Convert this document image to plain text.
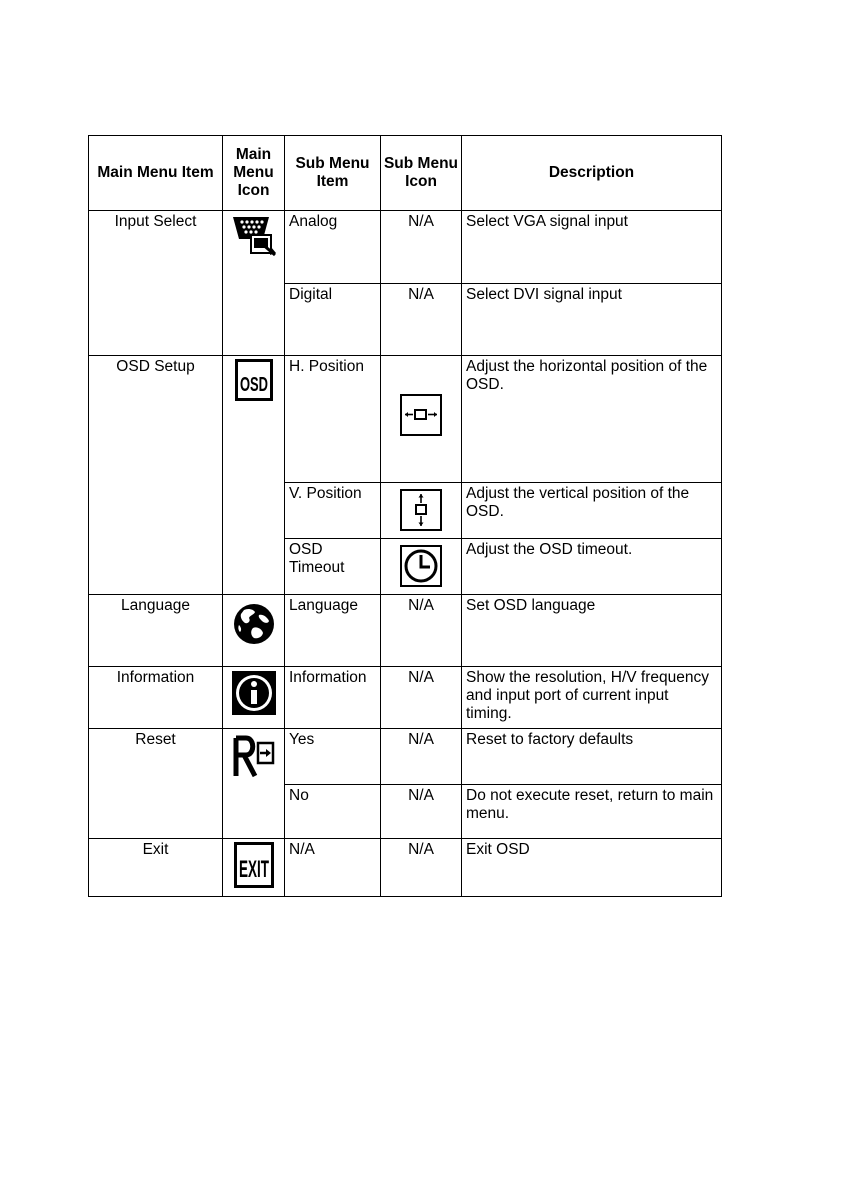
Main Menu Item	Main Menu Icon	Sub Menu Item	Sub Menu Icon	Description
Input Select		Analog	N/A	Select VGA signal input
		Digital	N/A	Select DVI signal input
OSD Setup	OSD	H. Position		Adjust the horizontal position of the OSD.
		V. Position		Adjust the vertical position of the OSD.
		OSD Timeout		Adjust the OSD timeout.
Language		Language	N/A	Set OSD language
Information		Information	N/A	Show the resolution, H/V frequency and input port of current input timing.
Reset		Yes	N/A	Reset to factory defaults
		No	N/A	Do not execute reset, return to main menu.
Exit	EXIT	N/A	N/A	Exit OSD
